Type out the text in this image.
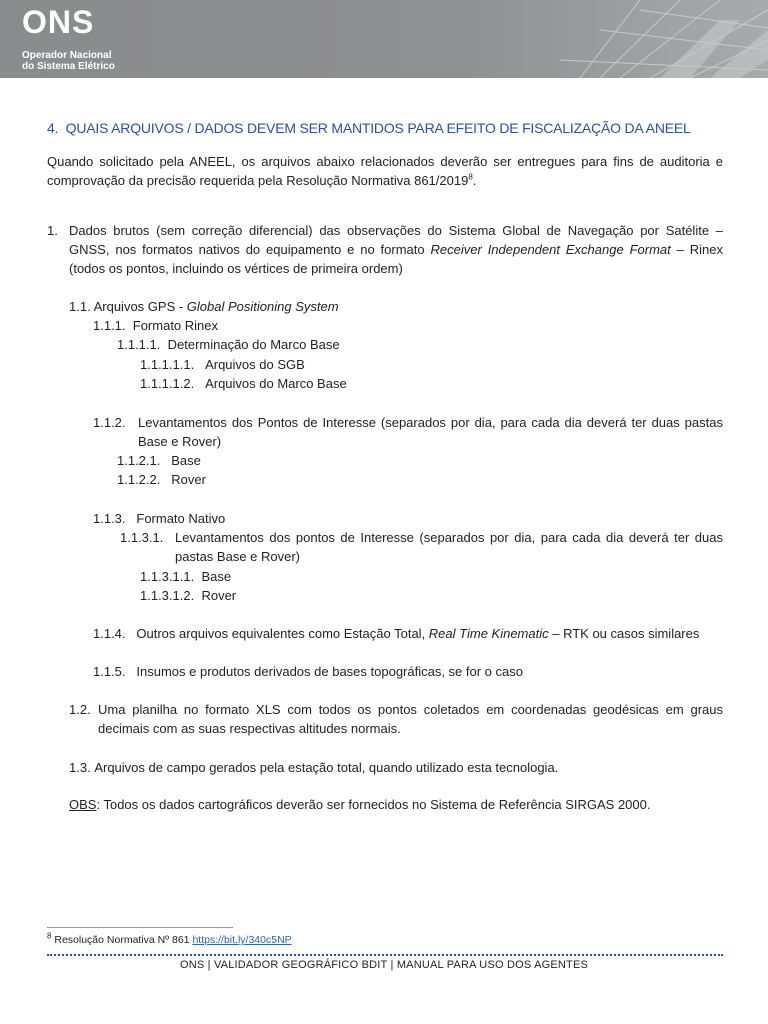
ONS
Operador Nacional
do Sistema Elétrico
4. QUAIS ARQUIVOS / DADOS DEVEM SER MANTIDOS PARA EFEITO DE FISCALIZAÇÃO DA ANEEL

Quando solicitado pela ANEEL, os arquivos abaixo relacionados deverão ser entregues para fins de auditoria e comprovação da precisão requerida pela Resolução Normativa 861/2019$^8$.

1. Dados brutos (sem correção diferencial) das observações do Sistema Global de Navegação por Satélite – GNSS, nos formatos nativos do equipamento e no formato Receiver Independent Exchange Format – Rinex (todos os pontos, incluindo os vértices de primeira ordem)

1.1. Arquivos GPS - Global Positioning System
1.1.1. Formato Rinex
1.1.1.1. Determinação do Marco Base
1.1.1.1.1. Arquivos do SGB
1.1.1.1.2. Arquivos do Marco Base
1.1.2. Levantamentos dos Pontos de Interesse (separados por dia, para cada dia deverá ter duas pastas Base e Rover)

1.1.2.1. Base
1.1.2.2. Rover
1.1.3. Formato Nativo
1.1.3.1. Levantamentos dos pontos de Interesse (separados por dia, para cada dia deverá ter duas pastas Base e Rover)

1.1.3.1.1. Base
1.1.3.1.2. Rover
1.1.4. Outros arquivos equivalentes como Estação Total, Real Time Kinematic – RTK ou casos similares
1.1.5. Insumos e produtos derivados de bases topográficas, se for o caso
1.2. Uma planilha no formato XLS com todos os pontos coletados em coordenadas geodésicas em graus decimais com as suas respectivas altitudes normais.

1.3. Arquivos de campo gerados pela estação total, quando utilizado esta tecnologia.
OBS: Todos os dados cartográficos deverão ser fornecidos no Sistema de Referência SIRGAS 2000.
$^8$ Resolução Normativa Nº 861 https://bit.ly/340c5NP
ONS | VALIDADOR GEOGRÁFICO BDIT | MANUAL PARA USO DOS AGENTES
